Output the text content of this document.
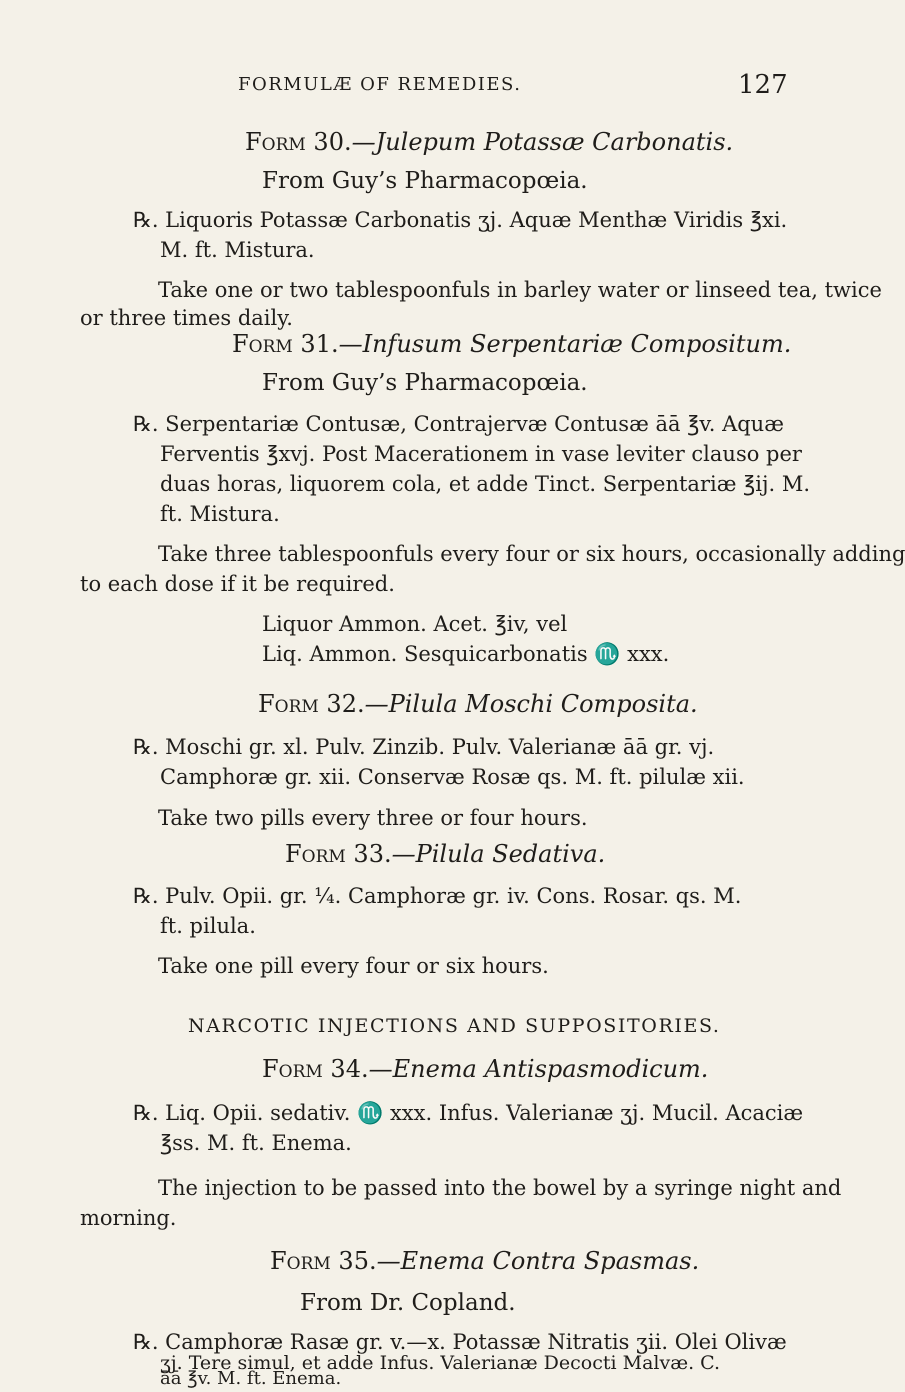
FORMULÆ OF REMEDIES.	127
Form 30.—Julepum Potassæ Carbonatis.
From Guy’s Pharmacopœia.
℞. Liquoris Potassæ Carbonatis ʒj. Aquæ Menthæ Viridis ℥xi.
M. ft. Mistura.
Take one or two tablespoonfuls in barley water or linseed tea, twice
or three times daily.
Form 31.—Infusum Serpentariæ Compositum.
From Guy’s Pharmacopœia.
℞. Serpentariæ Contusæ, Contrajervæ Contusæ āā ℥v. Aquæ
Ferventis ℥xvj. Post Macerationem in vase leviter clauso per
duas horas, liquorem cola, et adde Tinct. Serpentariæ ℥ij. M.
ft. Mistura.
Take three tablespoonfuls every four or six hours, occasionally adding
to each dose if it be required.
Liquor Ammon. Acet. ℥iv, vel
Liq. Ammon. Sesquicarbonatis ♏ xxx.
Form 32.—Pilula Moschi Composita.
℞. Moschi gr. xl. Pulv. Zinzib. Pulv. Valerianæ āā gr. vj.
Camphoræ gr. xii. Conservæ Rosæ qs. M. ft. pilulæ xii.
Take two pills every three or four hours.
Form 33.—Pilula Sedativa.
℞. Pulv. Opii. gr. ¼. Camphoræ gr. iv. Cons. Rosar. qs. M.
ft. pilula.
Take one pill every four or six hours.
NARCOTIC INJECTIONS AND SUPPOSITORIES.
Form 34.—Enema Antispasmodicum.
℞. Liq. Opii. sedativ. ♏ xxx. Infus. Valerianæ ʒj. Mucil. Acaciæ
℥ss. M. ft. Enema.
The injection to be passed into the bowel by a syringe night and
morning.
Form 35.—Enema Contra Spasmas.
From Dr. Copland.
℞. Camphoræ Rasæ gr. v.—x. Potassæ Nitratis ʒii. Olei Olivæ
ʒj. Tere simul, et adde Infus. Valerianæ Decocti Malvæ. C.
āā ℥v. M. ft. Enema.
